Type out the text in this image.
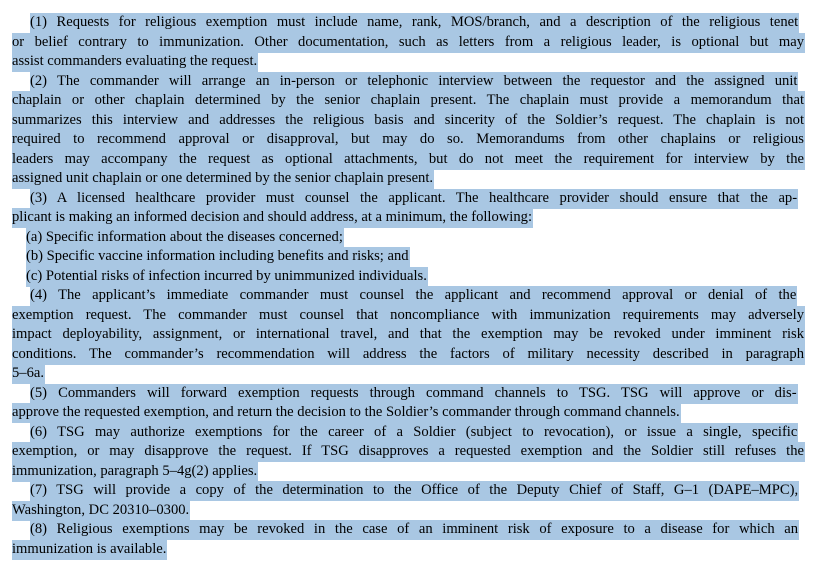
(1) Requests for religious exemption must include name, rank, MOS/branch, and a description of the religious tenet
or belief contrary to immunization. Other documentation, such as letters from a religious leader, is optional but may
assist commanders evaluating the request.
(2) The commander will arrange an in-person or telephonic interview between the requestor and the assigned unit
chaplain or other chaplain determined by the senior chaplain present. The chaplain must provide a memorandum that
summarizes this interview and addresses the religious basis and sincerity of the Soldier’s request. The chaplain is not
required to recommend approval or disapproval, but may do so. Memorandums from other chaplains or religious
leaders may accompany the request as optional attachments, but do not meet the requirement for interview by the
assigned unit chaplain or one determined by the senior chaplain present.
(3) A licensed healthcare provider must counsel the applicant. The healthcare provider should ensure that the ap-
plicant is making an informed decision and should address, at a minimum, the following:
(a) Specific information about the diseases concerned;
(b) Specific vaccine information including benefits and risks; and
(c) Potential risks of infection incurred by unimmunized individuals.
(4) The applicant’s immediate commander must counsel the applicant and recommend approval or denial of the
exemption request. The commander must counsel that noncompliance with immunization requirements may adversely
impact deployability, assignment, or international travel, and that the exemption may be revoked under imminent risk
conditions. The commander’s recommendation will address the factors of military necessity described in paragraph
5–6a.
(5) Commanders will forward exemption requests through command channels to TSG. TSG will approve or dis-
approve the requested exemption, and return the decision to the Soldier’s commander through command channels.
(6) TSG may authorize exemptions for the career of a Soldier (subject to revocation), or issue a single, specific
exemption, or may disapprove the request. If TSG disapproves a requested exemption and the Soldier still refuses the
immunization, paragraph 5–4g(2) applies.
(7) TSG will provide a copy of the determination to the Office of the Deputy Chief of Staff, G–1 (DAPE–MPC),
Washington, DC 20310–0300.
(8) Religious exemptions may be revoked in the case of an imminent risk of exposure to a disease for which an
immunization is available.
